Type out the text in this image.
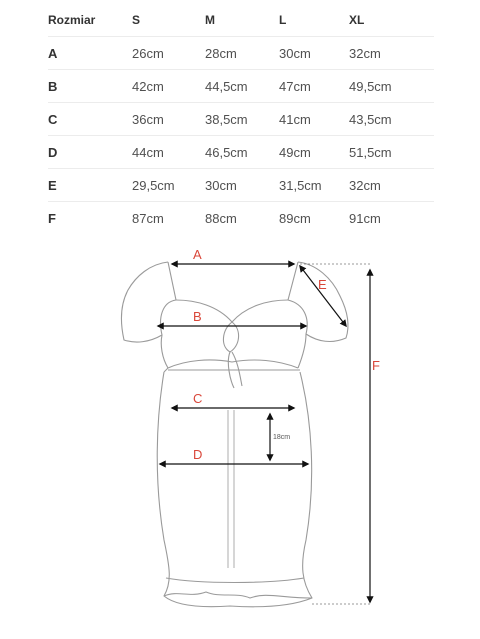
Rozmiar	S	M	L	XL
A	26cm	28cm	30cm	32cm
B	42cm	44,5cm	47cm	49,5cm
C	36cm	38,5cm	41cm	43,5cm
D	44cm	46,5cm	49cm	51,5cm
E	29,5cm	30cm	31,5cm	32cm
F	87cm	88cm	89cm	91cm
A
B
C
D
E
F
18cm
